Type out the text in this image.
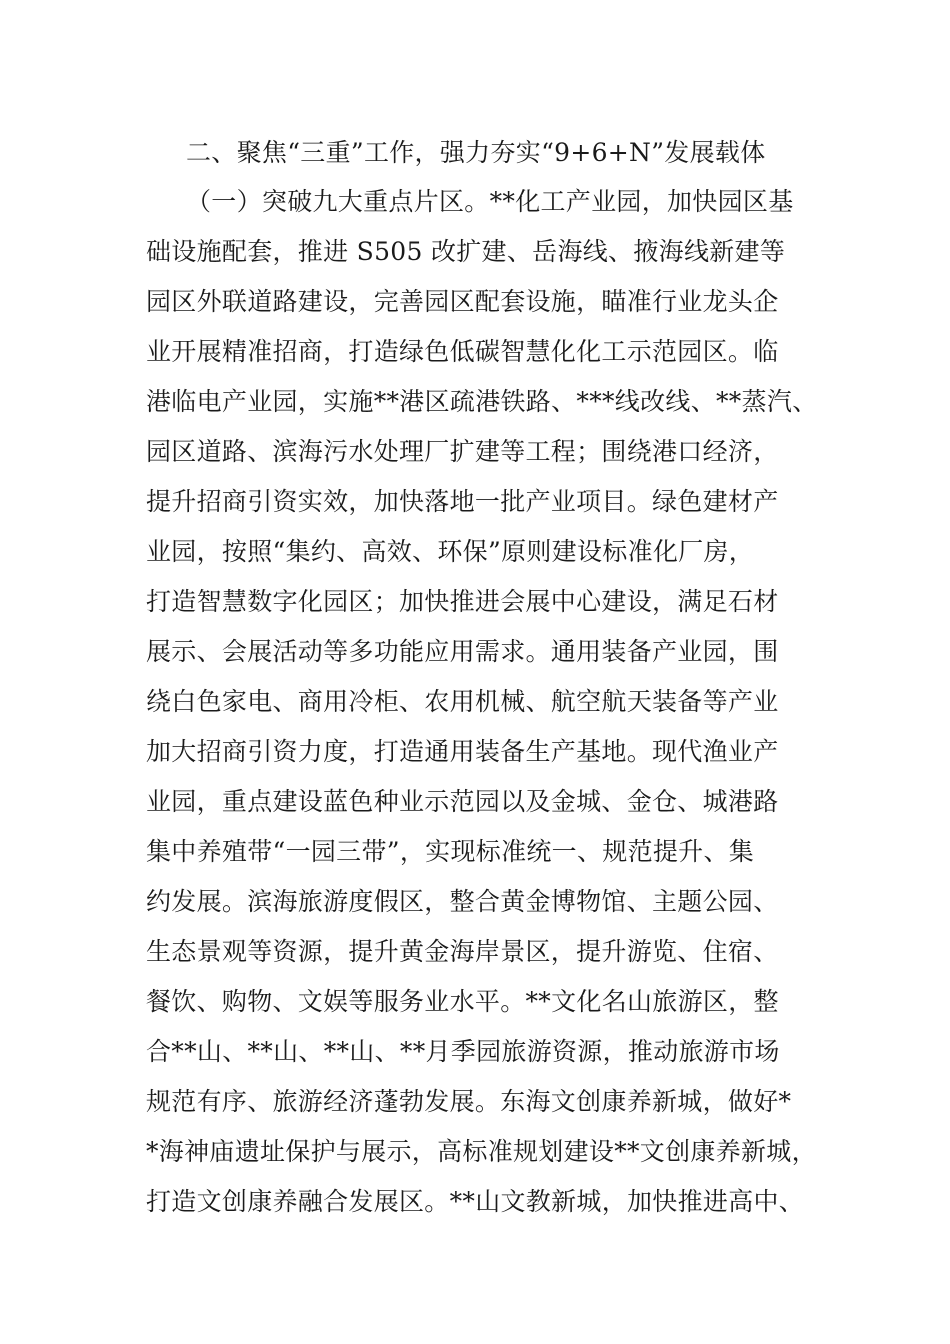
二、聚焦“三重”工作，强力夯实“9+6+N”发展载体
（一）突破九大重点片区。**化工产业园，加快园区基
础设施配套，推进 S505 改扩建、岳海线、掖海线新建等
园区外联道路建设，完善园区配套设施，瞄准行业龙头企
业开展精准招商，打造绿色低碳智慧化化工示范园区。临
港临电产业园，实施**港区疏港铁路、***线改线、**蒸汽、
园区道路、滨海污水处理厂扩建等工程；围绕港口经济，
提升招商引资实效，加快落地一批产业项目。绿色建材产
业园，按照“集约、高效、环保”原则建设标准化厂房，
打造智慧数字化园区；加快推进会展中心建设，满足石材
展示、会展活动等多功能应用需求。通用装备产业园，围
绕白色家电、商用冷柜、农用机械、航空航天装备等产业
加大招商引资力度，打造通用装备生产基地。现代渔业产
业园，重点建设蓝色种业示范园以及金城、金仓、城港路
集中养殖带“一园三带”，实现标准统一、规范提升、集
约发展。滨海旅游度假区，整合黄金博物馆、主题公园、
生态景观等资源，提升黄金海岸景区，提升游览、住宿、
餐饮、购物、文娱等服务业水平。**文化名山旅游区，整
合**山、**山、**山、**月季园旅游资源，推动旅游市场
规范有序、旅游经济蓬勃发展。东海文创康养新城，做好*
*海神庙遗址保护与展示，高标准规划建设**文创康养新城，
打造文创康养融合发展区。**山文教新城，加快推进高中、
